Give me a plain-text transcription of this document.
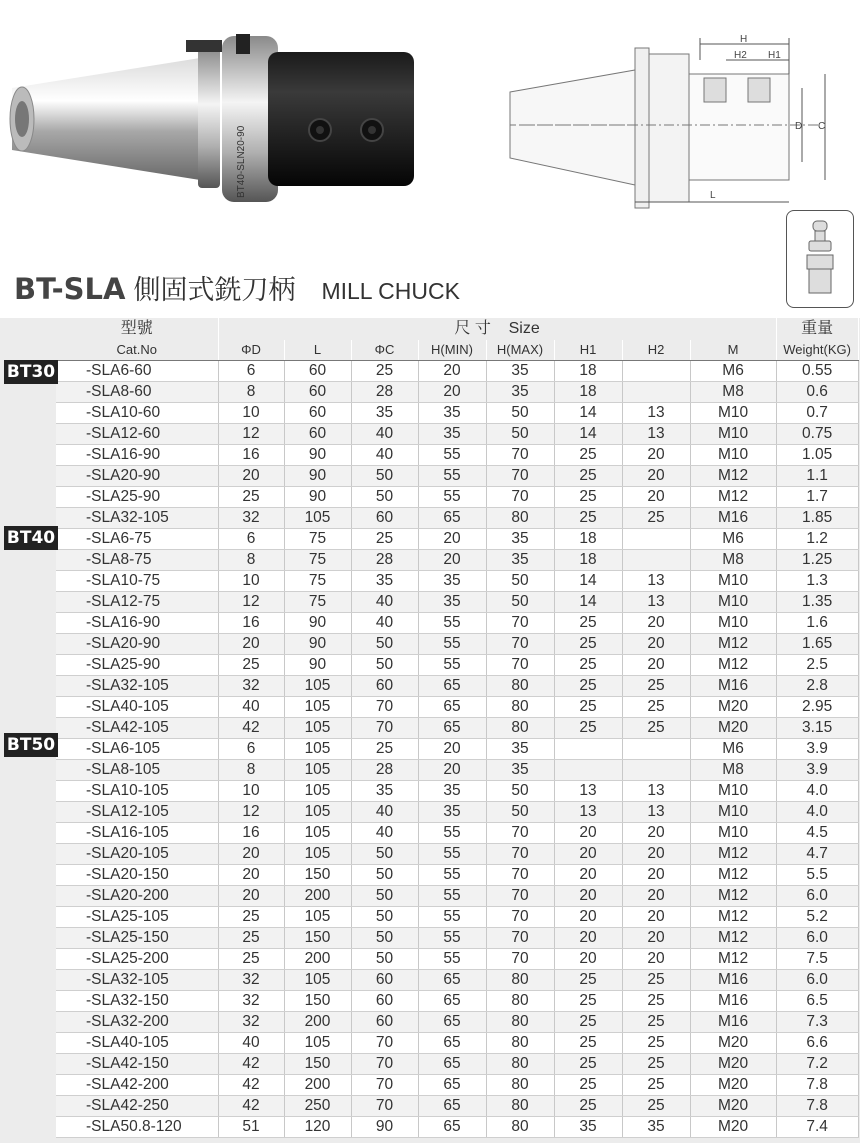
BT40-SLN20-90
H
H2 H1
D C
L
BT-SLA 側固式銑刀柄 MILL CHUCK
型號	尺 寸 Size								重量
Cat.No	ΦD	L	ΦC	H(MIN)	H(MAX)	H1	H2	M	Weight(KG)
-SLA6-60	6	60	25	20	35	18		M6	0.55
-SLA8-60	8	60	28	20	35	18		M8	0.6
-SLA10-60	10	60	35	35	50	14	13	M10	0.7
-SLA12-60	12	60	40	35	50	14	13	M10	0.75
-SLA16-90	16	90	40	55	70	25	20	M10	1.05
-SLA20-90	20	90	50	55	70	25	20	M12	1.1
-SLA25-90	25	90	50	55	70	25	20	M12	1.7
-SLA32-105	32	105	60	65	80	25	25	M16	1.85
-SLA6-75	6	75	25	20	35	18		M6	1.2
-SLA8-75	8	75	28	20	35	18		M8	1.25
-SLA10-75	10	75	35	35	50	14	13	M10	1.3
-SLA12-75	12	75	40	35	50	14	13	M10	1.35
-SLA16-90	16	90	40	55	70	25	20	M10	1.6
-SLA20-90	20	90	50	55	70	25	20	M12	1.65
-SLA25-90	25	90	50	55	70	25	20	M12	2.5
-SLA32-105	32	105	60	65	80	25	25	M16	2.8
-SLA40-105	40	105	70	65	80	25	25	M20	2.95
-SLA42-105	42	105	70	65	80	25	25	M20	3.15
-SLA6-105	6	105	25	20	35			M6	3.9
-SLA8-105	8	105	28	20	35			M8	3.9
-SLA10-105	10	105	35	35	50	13	13	M10	4.0
-SLA12-105	12	105	40	35	50	13	13	M10	4.0
-SLA16-105	16	105	40	55	70	20	20	M10	4.5
-SLA20-105	20	105	50	55	70	20	20	M12	4.7
-SLA20-150	20	150	50	55	70	20	20	M12	5.5
-SLA20-200	20	200	50	55	70	20	20	M12	6.0
-SLA25-105	25	105	50	55	70	20	20	M12	5.2
-SLA25-150	25	150	50	55	70	20	20	M12	6.0
-SLA25-200	25	200	50	55	70	20	20	M12	7.5
-SLA32-105	32	105	60	65	80	25	25	M16	6.0
-SLA32-150	32	150	60	65	80	25	25	M16	6.5
-SLA32-200	32	200	60	65	80	25	25	M16	7.3
-SLA40-105	40	105	70	65	80	25	25	M20	6.6
-SLA42-150	42	150	70	65	80	25	25	M20	7.2
-SLA42-200	42	200	70	65	80	25	25	M20	7.8
-SLA42-250	42	250	70	65	80	25	25	M20	7.8
-SLA50.8-120	51	120	90	65	80	35	35	M20	7.4
BT30
BT40
BT50
